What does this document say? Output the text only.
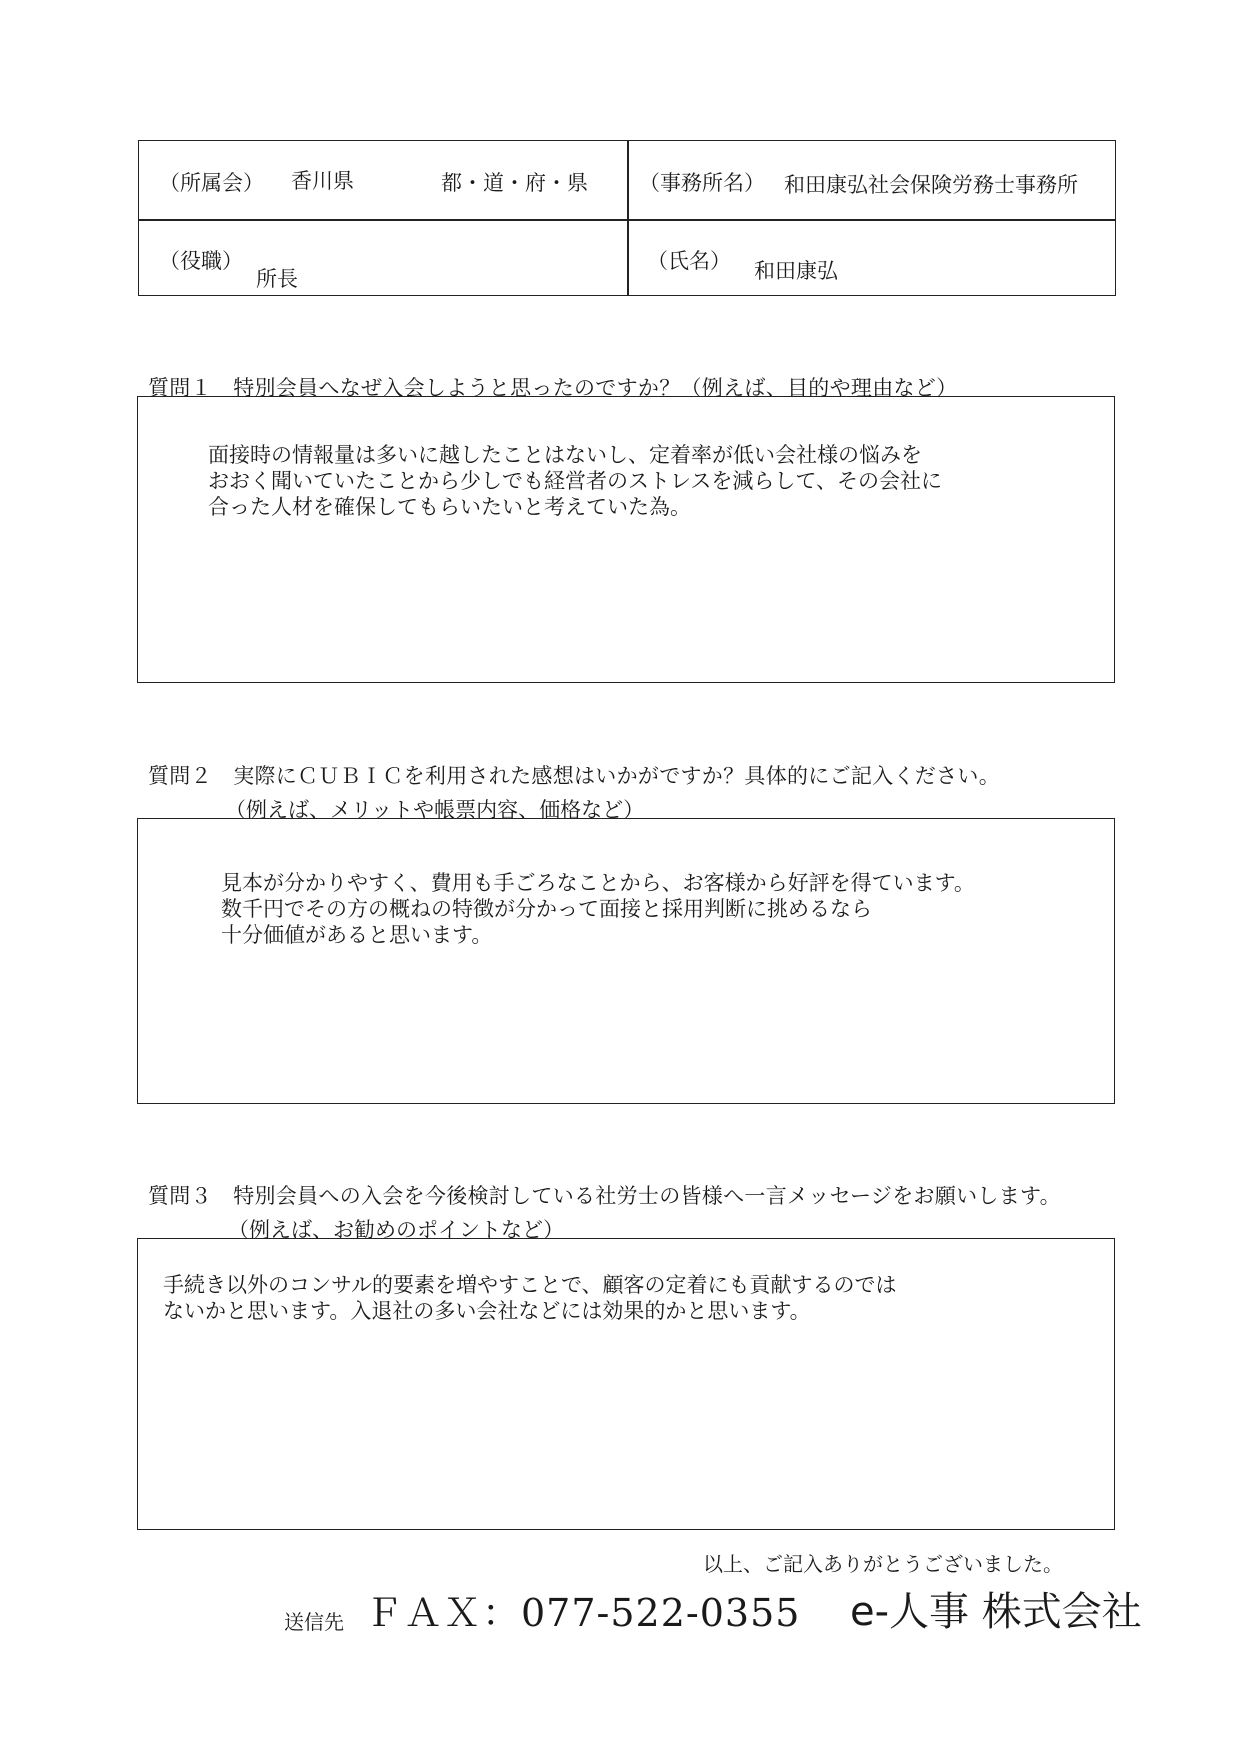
（所属会） 香川県	都・道・府・県 （事務所名） 和田康弘社会保険労務士事務所
（役職）
所長
（氏名） 和田康弘
質問１　特別会員へなぜ入会しようと思ったのですか？（例えば、目的や理由など）
面接時の情報量は多いに越したことはないし、定着率が低い会社様の悩みを
おおく聞いていたことから少しでも経営者のストレスを減らして、その会社に
合った人材を確保してもらいたいと考えていた為。
質問２　実際にＣＵＢＩＣを利用された感想はいかがですか？具体的にご記入ください。
（例えば、メリットや帳票内容、価格など）
見本が分かりやすく、費用も手ごろなことから、お客様から好評を得ています。
数千円でその方の概ねの特徴が分かって面接と採用判断に挑めるなら
十分価値があると思います。
質問３　特別会員への入会を今後検討している社労士の皆様へ一言メッセージをお願いします。
（例えば、お勧めのポイントなど）
手続き以外のコンサル的要素を増やすことで、顧客の定着にも貢献するのでは
ないかと思います。入退社の多い会社などには効果的かと思います。
以上、ご記入ありがとうございました。
送信先 ＦＡＸ：077-522-0355 e-人事 株式会社
